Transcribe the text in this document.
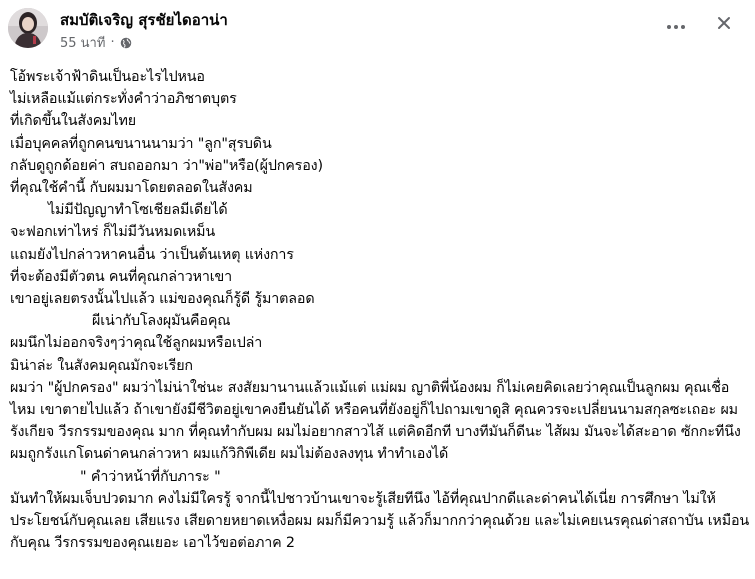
สมบัติเจริญ สุรชัยไดอาน่า
55 นาที ·

โอ้พระเจ้าฟ้าดินเป็นอะไรไปหนอ

ไม่เหลือแม้แต่กระทั่งคำว่าอภิชาตบุตร

ที่เกิดขึ้นในสังคมไทย

เมื่อบุคคลที่ถูกคนขนานนามว่า "ลูก"สุรบดิน

กลับดูถูกด้อยค่า สบถออกมา ว่า"พ่อ"หรือ(ผู้ปกครอง)

ที่คุณใช้คำนี้ กับผมมาโดยตลอดในสังคม

ไม่มีปัญญาทำโซเชียลมีเดียได้

จะฟอกเท่าไหร่ ก็ไม่มีวันหมดเหม็น

แถมยังไปกล่าวหาคนอื่น ว่าเป็นต้นเหตุ แห่งการ

ที่จะต้องมีตัวตน คนที่คุณกล่าวหาเขา

เขาอยู่เลยตรงนั้นไปแล้ว แม่ของคุณก็รู้ดี รู้มาตลอด

ผีเน่ากับโลงผุมันคือคุณ

ผมนึกไม่ออกจริงๆว่าคุณใช้ลูกผมหรือเปล่า

มิน่าล่ะ ในสังคมคุณมักจะเรียก

ผมว่า "ผู้ปกครอง" ผมว่าไม่น่าใช่นะ สงสัยมานานแล้วแม้แต่ แม่ผม ญาติพี่น้องผม ก็ไม่เคยคิดเลยว่าคุณเป็นลูกผม คุณเชื่อไหม เขาตายไปแล้ว ถ้าเขายังมีชีวิตอยู่เขาคงยืนยันได้ หรือคนที่ยังอยู่ก็ไปถามเขาดูสิ คุณควรจะเปลี่ยนนามสกุลซะเถอะ ผมรังเกียจ วีรกรรมของคุณ มาก ที่คุณทำกับผม ผมไม่อยากสาวไส้ แต่คิดอีกที บางทีมันก็ดีนะ ไส้ผม มันจะได้สะอาด ซักกะทีนึง ผมถูกรังแกโดนด่าคนกล่าวหา ผมแก้วิกิพีเดีย ผมไม่ต้องลงทุน ทำทำเองได้

" คำว่าหน้าที่กับภาระ "

มันทำให้ผมเจ็บปวดมาก คงไม่มีใครรู้ จากนี้ไปชาวบ้านเขาจะรู้เสียทีนึง ไอ้ที่คุณปากดีและด่าคนได้เนี่ย การศึกษา ไม่ให้ประโยชน์กับคุณเลย เสียแรง เสียดายหยาดเหงื่อผม ผมก็มีความรู้ แล้วก็มากกว่าคุณด้วย และไม่เคยเนรคุณด่าสถาบัน เหมือนกับคุณ วีรกรรมของคุณเยอะ เอาไว้ขอต่อภาค 2
